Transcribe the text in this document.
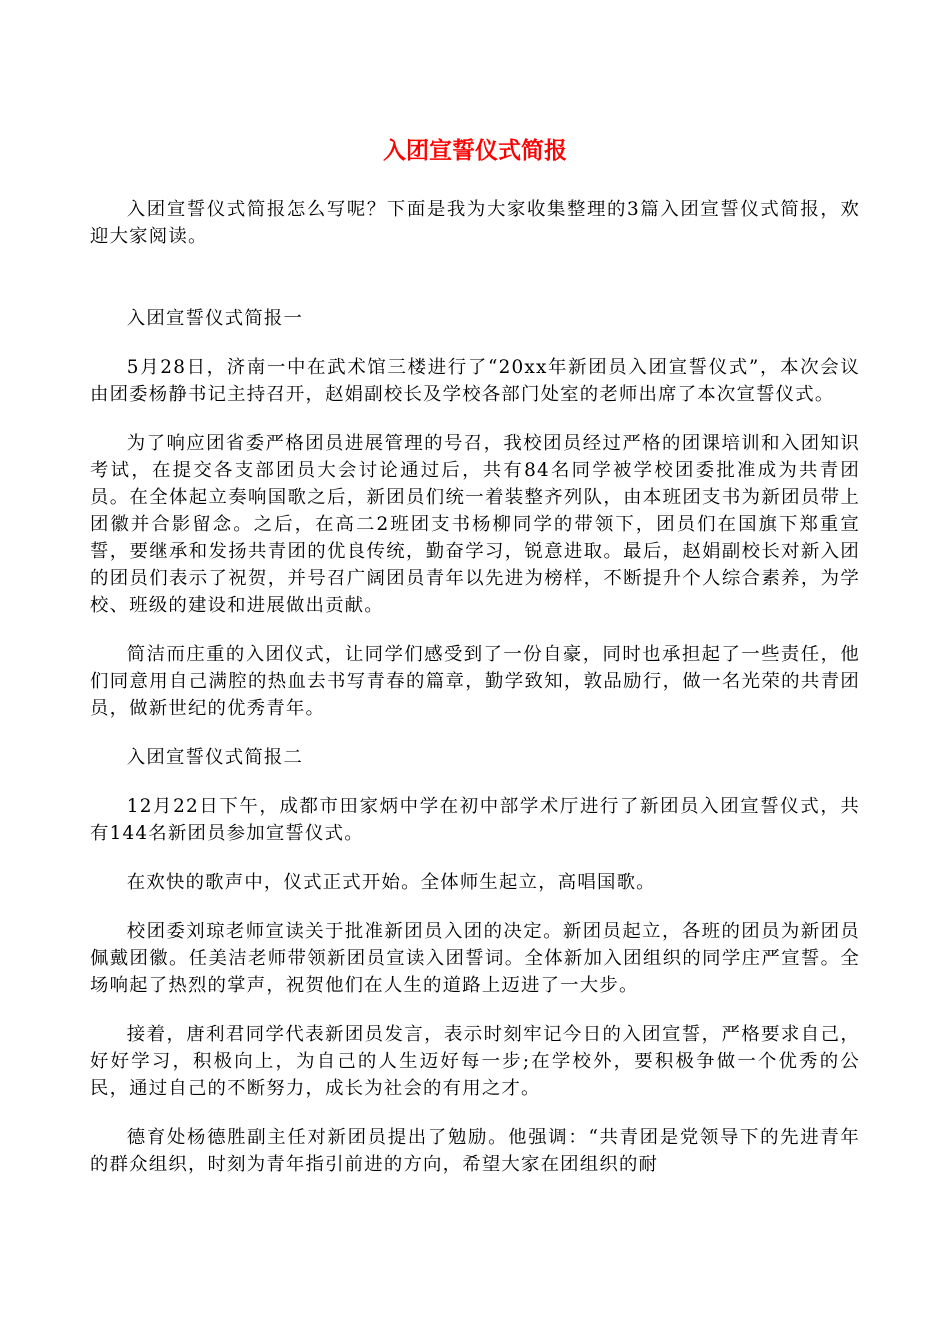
入团宣誓仪式简报

入团宣誓仪式简报怎么写呢？下面是我为大家收集整理的3篇入团宣誓仪式简报，欢迎大家阅读。

入团宣誓仪式简报一

5月28日，济南一中在武术馆三楼进行了“20xx年新团员入团宣誓仪式”，本次会议由团委杨静书记主持召开，赵娟副校长及学校各部门处室的老师出席了本次宣誓仪式。

为了响应团省委严格团员进展管理的号召，我校团员经过严格的团课培训和入团知识考试，在提交各支部团员大会讨论通过后，共有84名同学被学校团委批准成为共青团员。在全体起立奏响国歌之后，新团员们统一着装整齐列队，由本班团支书为新团员带上团徽并合影留念。之后，在高二2班团支书杨柳同学的带领下，团员们在国旗下郑重宣誓，要继承和发扬共青团的优良传统，勤奋学习，锐意进取。最后，赵娟副校长对新入团的团员们表示了祝贺，并号召广阔团员青年以先进为榜样，不断提升个人综合素养，为学校、班级的建设和进展做出贡献。

简洁而庄重的入团仪式，让同学们感受到了一份自豪，同时也承担起了一些责任，他们同意用自己满腔的热血去书写青春的篇章，勤学致知，敦品励行，做一名光荣的共青团员，做新世纪的优秀青年。

入团宣誓仪式简报二

12月22日下午，成都市田家炳中学在初中部学术厅进行了新团员入团宣誓仪式，共有144名新团员参加宣誓仪式。

在欢快的歌声中，仪式正式开始。全体师生起立，高唱国歌。

校团委刘琼老师宣读关于批准新团员入团的决定。新团员起立，各班的团员为新团员佩戴团徽。任美洁老师带领新团员宣读入团誓词。全体新加入团组织的同学庄严宣誓。全场响起了热烈的掌声，祝贺他们在人生的道路上迈进了一大步。

接着，唐利君同学代表新团员发言，表示时刻牢记今日的入团宣誓，严格要求自己，好好学习，积极向上，为自己的人生迈好每一步;在学校外，要积极争做一个优秀的公民，通过自己的不断努力，成长为社会的有用之才。

德育处杨德胜副主任对新团员提出了勉励。他强调：“共青团是党领导下的先进青年的群众组织，时刻为青年指引前进的方向，希望大家在团组织的耐
